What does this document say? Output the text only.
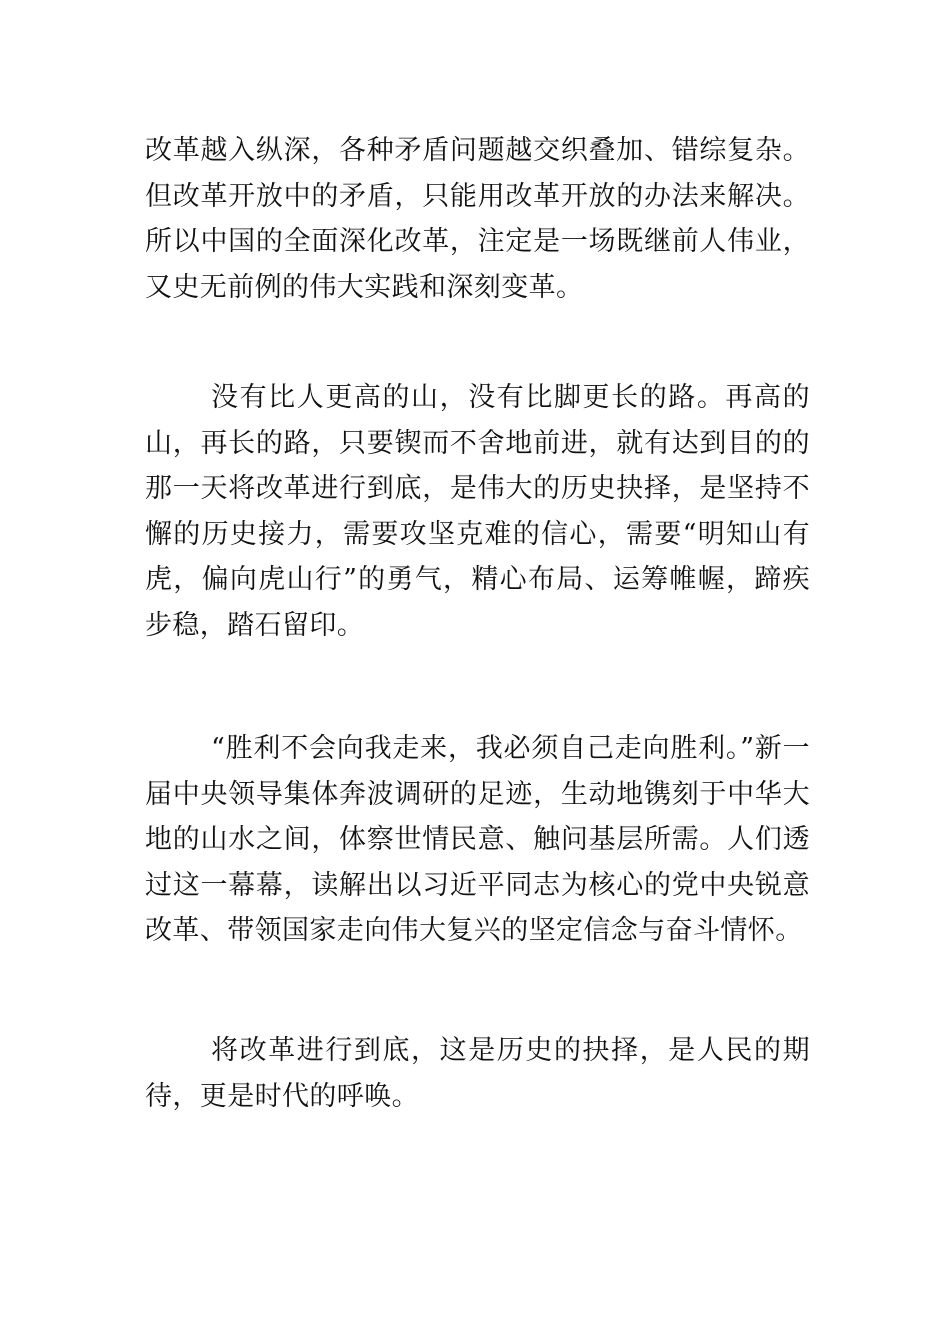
改革越入纵深，各种矛盾问题越交织叠加、错综复杂。但改革开放中的矛盾，只能用改革开放的办法来解决。所以中国的全面深化改革，注定是一场既继前人伟业，又史无前例的伟大实践和深刻变革。

没有比人更高的山，没有比脚更长的路。再高的山，再长的路，只要锲而不舍地前进，就有达到目的的那一天将改革进行到底，是伟大的历史抉择，是坚持不懈的历史接力，需要攻坚克难的信心，需要“明知山有虎，偏向虎山行”的勇气，精心布局、运筹帷幄，蹄疾步稳，踏石留印。

“胜利不会向我走来，我必须自己走向胜利。”新一届中央领导集体奔波调研的足迹，生动地镌刻于中华大地的山水之间，体察世情民意、触问基层所需。人们透过这一幕幕，读解出以习近平同志为核心的党中央锐意改革、带领国家走向伟大复兴的坚定信念与奋斗情怀。

将改革进行到底，这是历史的抉择，是人民的期待，更是时代的呼唤。
